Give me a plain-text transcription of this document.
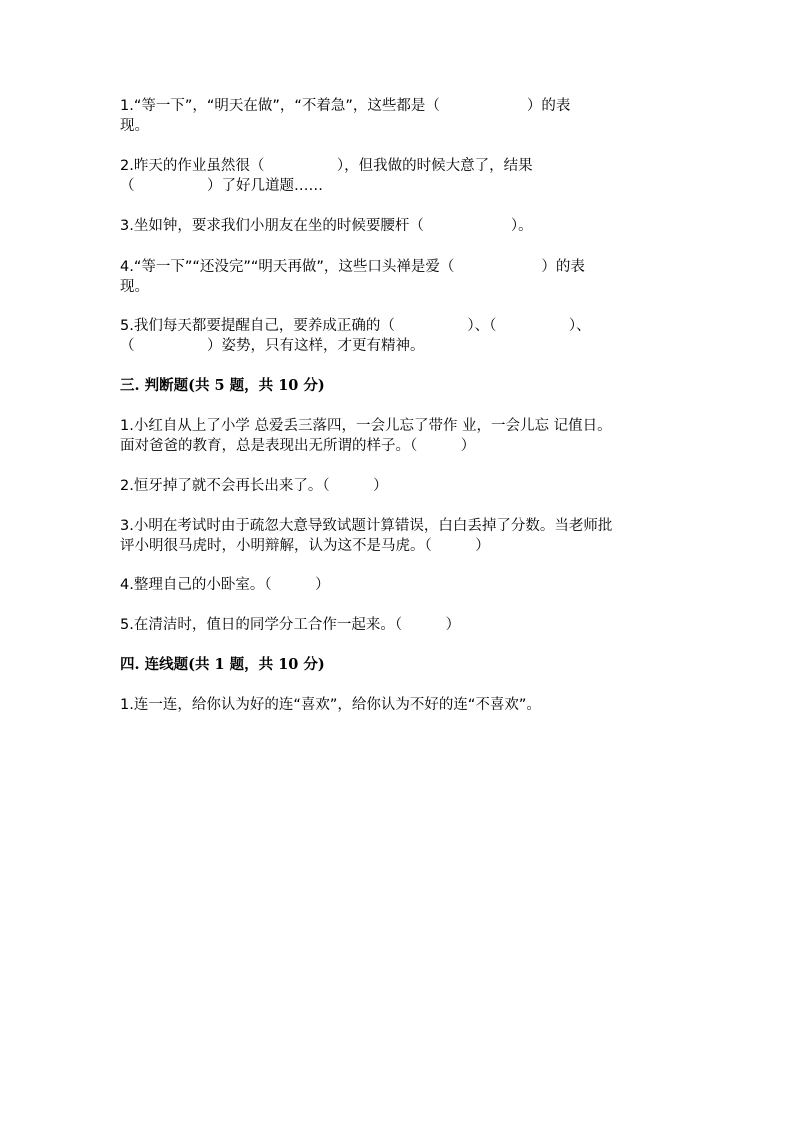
1.“等一下”，“明天在做”，“不着急”，这些都是（　　　　　　）的表
现。
2.昨天的作业虽然很（　　　　　），但我做的时候大意了，结果
（　　　　　）了好几道题……
3.坐如钟，要求我们小朋友在坐的时候要腰杆（　　　　　　）。
4.“等一下”“还没完”“明天再做”，这些口头禅是爱（　　　　　　）的表
现。
5.我们每天都要提醒自己，要养成正确的（　　　　　）、（　　　　　）、
（　　　　　）姿势，只有这样，才更有精神。
三. 判断题(共 5 题，共 10 分)
1.小红自从上了小学 总爱丢三落四，一会儿忘了带作 业，一会儿忘 记值日。
面对爸爸的教育，总是表现出无所谓的样子。（　　　）
2.恒牙掉了就不会再长出来了。（　　　）
3.小明在考试时由于疏忽大意导致试题计算错误，白白丢掉了分数。当老师批
评小明很马虎时，小明辩解，认为这不是马虎。（　　　）
4.整理自己的小卧室。（　　　）
5.在清洁时，值日的同学分工合作一起来。（　　　）
四. 连线题(共 1 题，共 10 分)
1.连一连，给你认为好的连“喜欢”，给你认为不好的连“不喜欢”。
